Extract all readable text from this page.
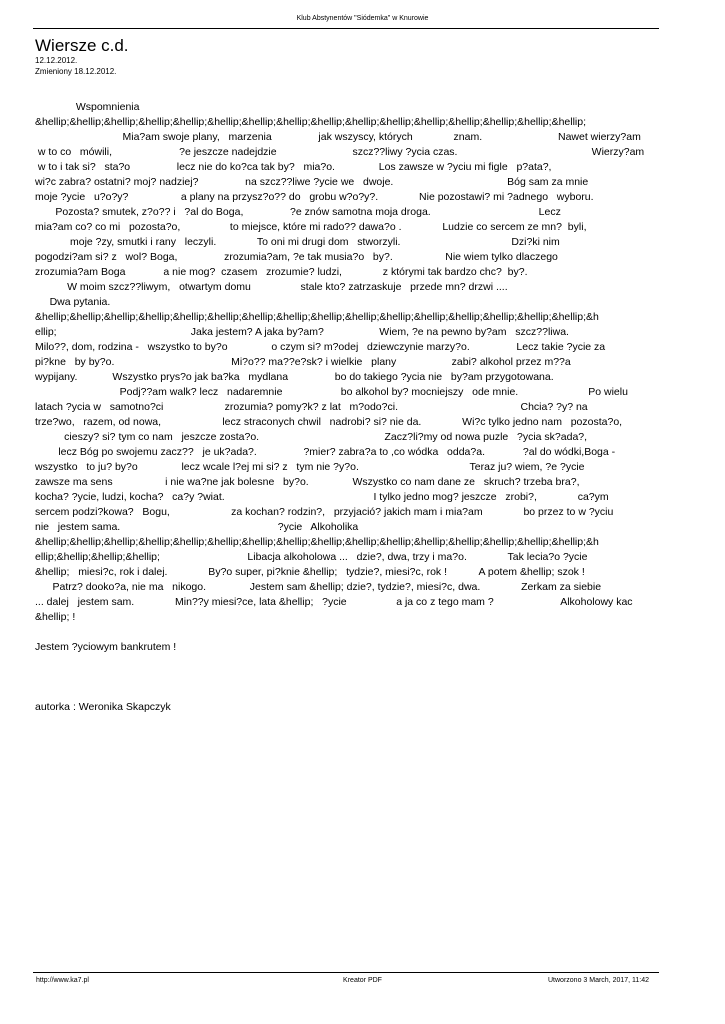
Klub Abstynentów "Siódemka" w Knurowie
Wiersze c.d.
12.12.2012.
Zmieniony 18.12.2012.
Wspomnienia
&hellip;&hellip;&hellip;&hellip;&hellip;&hellip;&hellip;&hellip;&hellip;&hellip;&hellip;&hellip;&hellip;&hellip;&hellip;&hellip;
Mia?am swoje plany,   marzenia                jak wszyscy, których              znam.                          Nawet wierzy?am
w to co   mówili,                       ?e jeszcze nadejdzie                          szcz??liwy ?ycia czas.                                              Wierzy?am
w to i tak si?   sta?o                lecz nie do ko?ca tak by?   mia?o.               Los zawsze w ?yciu mi figle   p?ata?,
wi?c zabra? ostatni? moj? nadziej?                na szcz??liwe ?ycie we   dwoje.                                       Bóg sam za mnie
moje ?ycie   u?o?y?                  a plany na przysz?o?? do   grobu w?o?y?.              Nie pozostawi? mi ?adnego   wyboru.
Pozosta? smutek, z?o?? i   ?al do Boga,                ?e znów samotna moja droga.                                     Lecz
mia?am co? co mi   pozosta?o,                 to miejsce, które mi rado?? dawa?o .              Ludzie co sercem ze mn?  byli,
moje ?zy, smutki i rany   leczyli.              To oni mi drugi dom   stworzyli.                                      Dzi?ki nim
pogodzi?am si? z   wol? Boga,                zrozumia?am, ?e tak musia?o   by?.                  Nie wiem tylko dlaczego
zrozumia?am Boga             a nie mog?  czasem   zrozumie? ludzi,              z którymi tak bardzo chc?  by?.
W moim szcz??liwym,   otwartym domu                 stale kto? zatrzaskuje   przede mn? drzwi ....
Dwa pytania.
&hellip;&hellip;&hellip;&hellip;&hellip;&hellip;&hellip;&hellip;&hellip;&hellip;&hellip;&hellip;&hellip;&hellip;&hellip;&hellip;&h
ellip;                                              Jaka jestem? A jaka by?am?                   Wiem, ?e na pewno by?am   szcz??liwa.
Milo??, dom, rodzina -   wszystko to by?o               o czym si? m?odej   dziewczynie marzy?o.                Lecz takie ?ycie za
pi?kne   by by?o.                                        Mi?o?? ma??e?sk? i wielkie   plany                   zabi? alkohol przez m??a
wypijany.            Wszystko prys?o jak ba?ka   mydlana                bo do takiego ?ycia nie   by?am przygotowana.
Podj??am walk? lecz   nadaremnie                    bo alkohol by? mocniejszy   ode mnie.                        Po wielu
latach ?ycia w   samotno?ci                     zrozumia? pomy?k? z lat   m?odo?ci.                                          Chcia? ?y? na
trze?wo,   razem, od nowa,                     lecz straconych chwil   nadrobi? si? nie da.              Wi?c tylko jedno nam   pozosta?o,
cieszy? si? tym co nam   jeszcze zosta?o.                                           Zacz?li?my od nowa puzle   ?ycia sk?ada?,
lecz Bóg po swojemu zacz??   je uk?ada?.                ?mier? zabra?a to ,co wódka   odda?a.             ?al do wódki,Boga -
wszystko   to ju? by?o               lecz wcale l?ej mi si? z   tym nie ?y?o.                                      Teraz ju? wiem, ?e ?ycie
zawsze ma sens                  i nie wa?ne jak bolesne   by?o.               Wszystko co nam dane ze   skruch? trzeba bra?,
kocha? ?ycie, ludzi, kocha?   ca?y ?wiat.                                                   I tylko jedno mog? jeszcze   zrobi?,              ca?ym
sercem podzi?kowa?   Bogu,                     za kochan? rodzin?,   przyjació? jakich mam i mia?am              bo przez to w ?yciu
nie   jestem sama.                                                      ?ycie   Alkoholika
&hellip;&hellip;&hellip;&hellip;&hellip;&hellip;&hellip;&hellip;&hellip;&hellip;&hellip;&hellip;&hellip;&hellip;&hellip;&hellip;&h
ellip;&hellip;&hellip;&hellip;                              Libacja alkoholowa ...   dzie?, dwa, trzy i ma?o.              Tak lecia?o ?ycie
&hellip;   miesi?c, rok i dalej.              By?o super, pi?knie &hellip;   tydzie?, miesi?c, rok !           A potem &hellip; szok !
Patrz? dooko?a, nie ma   nikogo.               Jestem sam &hellip; dzie?, tydzie?, miesi?c, dwa.              Zerkam za siebie
... dalej   jestem sam.              Min??y miesi?ce, lata &hellip;   ?ycie                 a ja co z tego mam ?                       Alkoholowy kac
&hellip; !
Jestem ?yciowym bankrutem !
autorka : Weronika Skapczyk
http://www.ka7.pl	Kreator PDF	Utworzono 3 March, 2017, 11:42
